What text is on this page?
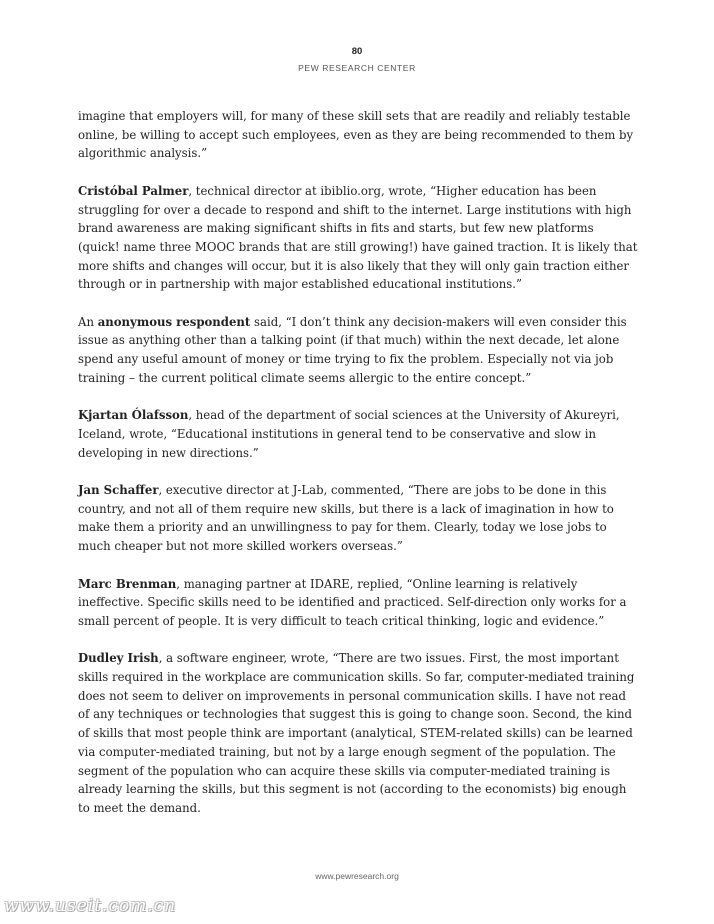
80

PEW RESEARCH CENTER

imagine that employers will, for many of these skill sets that are readily and reliably testable online, be willing to accept such employees, even as they are being recommended to them by algorithmic analysis.”

Cristóbal Palmer, technical director at ibiblio.org, wrote, “Higher education has been struggling for over a decade to respond and shift to the internet. Large institutions with high brand awareness are making significant shifts in fits and starts, but few new platforms (quick! name three MOOC brands that are still growing!) have gained traction. It is likely that more shifts and changes will occur, but it is also likely that they will only gain traction either through or in partnership with major established educational institutions.”

An anonymous respondent said, “I don’t think any decision-makers will even consider this issue as anything other than a talking point (if that much) within the next decade, let alone spend any useful amount of money or time trying to fix the problem. Especially not via job training – the current political climate seems allergic to the entire concept.”

Kjartan Ólafsson, head of the department of social sciences at the University of Akureyri, Iceland, wrote, “Educational institutions in general tend to be conservative and slow in developing in new directions.”

Jan Schaffer, executive director at J-Lab, commented, “There are jobs to be done in this country, and not all of them require new skills, but there is a lack of imagination in how to make them a priority and an unwillingness to pay for them. Clearly, today we lose jobs to much cheaper but not more skilled workers overseas.”

Marc Brenman, managing partner at IDARE, replied, “Online learning is relatively ineffective. Specific skills need to be identified and practiced. Self-direction only works for a small percent of people. It is very difficult to teach critical thinking, logic and evidence.”

Dudley Irish, a software engineer, wrote, “There are two issues. First, the most important skills required in the workplace are communication skills. So far, computer-mediated training does not seem to deliver on improvements in personal communication skills. I have not read of any techniques or technologies that suggest this is going to change soon. Second, the kind of skills that most people think are important (analytical, STEM-related skills) can be learned via computer-mediated training, but not by a large enough segment of the population. The segment of the population who can acquire these skills via computer-mediated training is already learning the skills, but this segment is not (according to the economists) big enough to meet the demand.

www.pewresearch.org

www.useit.com.cn
